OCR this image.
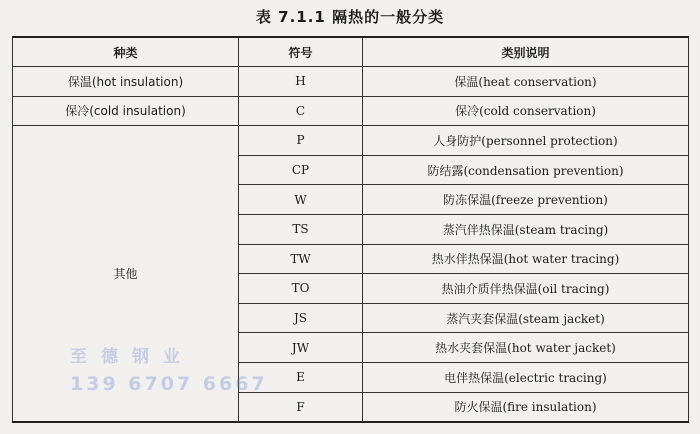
表 7.1.1 隔热的一般分类
种类	符号	类别说明
保温(hot insulation)	H	保温(heat conservation)
保冷(cold insulation)	C	保冷(cold conservation)
其他	P	人身防护(personnel protection)
	CP	防结露(condensation prevention)
	W	防冻保温(freeze prevention)
	TS	蒸汽伴热保温(steam tracing)
	TW	热水伴热保温(hot water tracing)
	TO	热油介质伴热保温(oil tracing)
	JS	蒸汽夹套保温(steam jacket)
	JW	热水夹套保温(hot water jacket)
	E	电伴热保温(electric tracing)
	F	防火保温(fire insulation)
至德钢业
139 6707 6667
